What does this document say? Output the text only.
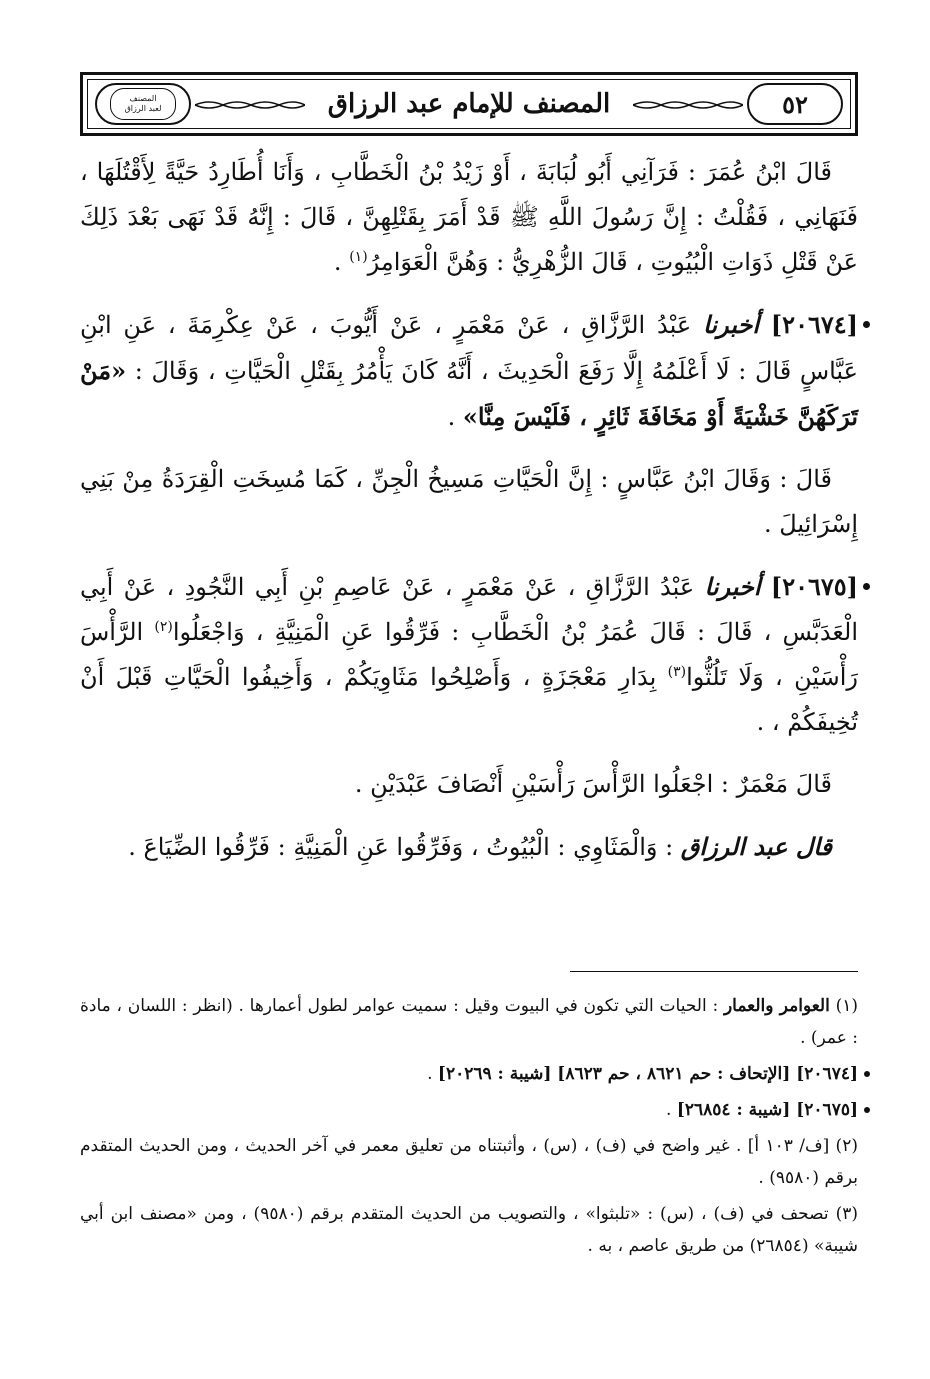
٥٢
المصنف للإمام عبد الرزاق
المصنف
لعبد الرزاق

قَالَ ابْنُ عُمَرَ : فَرَآنِي أَبُو لُبَابَةَ ، أَوْ زَيْدُ بْنُ الْخَطَّابِ ، وَأَنَا أُطَارِدُ حَيَّةً لِأَقْتُلَهَا ، فَنَهَانِي ، فَقُلْتُ : إِنَّ رَسُولَ اللَّهِ ﷺ قَدْ أَمَرَ بِقَتْلِهِنَّ ، قَالَ : إِنَّهُ قَدْ نَهَى بَعْدَ ذَلِكَ عَنْ قَتْلِ ذَوَاتِ الْبُيُوتِ ، قَالَ الزُّهْرِيُّ : وَهُنَّ الْعَوَامِرُ$^{(١)}$ .

[٢٠٦٧٤] أخبرنا عَبْدُ الرَّزَّاقِ ، عَنْ مَعْمَرٍ ، عَنْ أَيُّوبَ ، عَنْ عِكْرِمَةَ ، عَنِ ابْنِ عَبَّاسٍ قَالَ : لَا أَعْلَمُهُ إِلَّا رَفَعَ الْحَدِيثَ ، أَنَّهُ كَانَ يَأْمُرُ بِقَتْلِ الْحَيَّاتِ ، وَقَالَ : «مَنْ تَرَكَهُنَّ خَشْيَةً أَوْ مَخَافَةَ ثَائِرٍ ، فَلَيْسَ مِنَّا» .

قَالَ : وَقَالَ ابْنُ عَبَّاسٍ : إِنَّ الْحَيَّاتِ مَسِيخُ الْجِنِّ ، كَمَا مُسِخَتِ الْقِرَدَةُ مِنْ بَنِي إِسْرَائِيلَ .

[٢٠٦٧٥] أخبرنا عَبْدُ الرَّزَّاقِ ، عَنْ مَعْمَرٍ ، عَنْ عَاصِمِ بْنِ أَبِي النَّجُودِ ، عَنْ أَبِي الْعَدَبَّسِ ، قَالَ : قَالَ عُمَرُ بْنُ الْخَطَّابِ : فَرِّقُوا عَنِ الْمَنِيَّةِ ، وَاجْعَلُوا$^{(٢)}$ الرَّأْسَ رَأْسَيْنِ ، وَلَا تَلُثُّوا$^{(٣)}$ بِدَارِ مَعْجَزَةٍ ، وَأَصْلِحُوا مَثَاوِيَكُمْ ، وَأَخِيفُوا الْحَيَّاتِ قَبْلَ أَنْ تُخِيفَكُمْ ، .

قَالَ مَعْمَرٌ : اجْعَلُوا الرَّأْسَ رَأْسَيْنِ أَنْصَافَ عَبْدَيْنِ .

قال عبد الرزاق : وَالْمَثَاوِي : الْبُيُوتُ ، وَفَرِّقُوا عَنِ الْمَنِيَّةِ : فَرِّقُوا الضِّيَاعَ .

(١) العوامر والعمار : الحيات التي تكون في البيوت وقيل : سميت عوامر لطول أعمارها . (انظر : اللسان ، مادة : عمر) .

[٢٠٦٧٤] [الإتحاف : حم ٨٦٢١ ، حم ٨٦٢٣] [شيبة : ٢٠٢٦٩] .

[٢٠٦٧٥] [شيبة : ٢٦٨٥٤] .

(٢) [ف/ ١٠٣ أ] . غير واضح في (ف) ، (س) ، وأثبتناه من تعليق معمر في آخر الحديث ، ومن الحديث المتقدم برقم (٩٥٨٠) .

(٣) تصحف في (ف) ، (س) : «تلبثوا» ، والتصويب من الحديث المتقدم برقم (٩٥٨٠) ، ومن «مصنف ابن أبي شيبة» (٢٦٨٥٤) من طريق عاصم ، به .
